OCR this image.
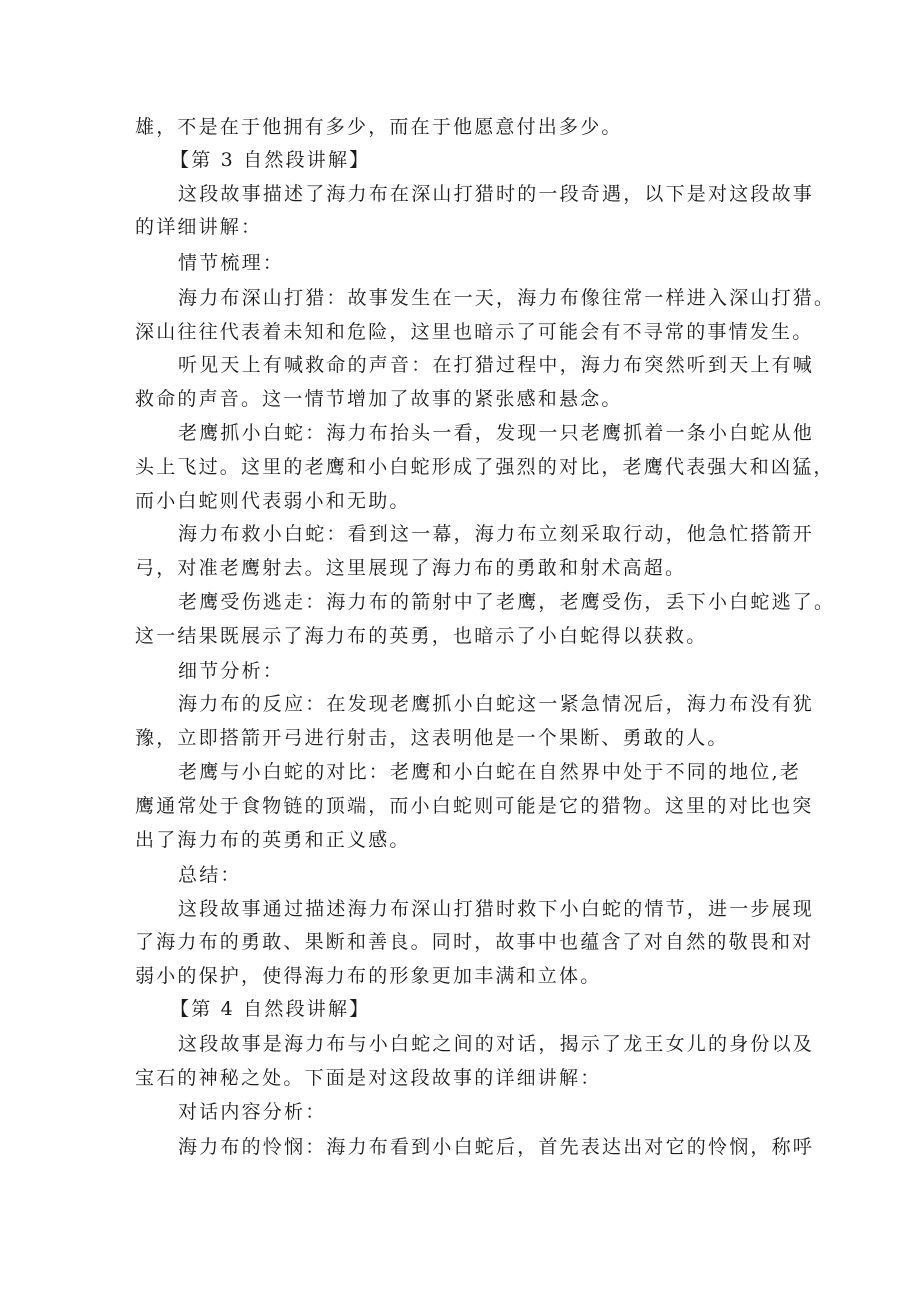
雄，不是在于他拥有多少，而在于他愿意付出多少。
【第 3 自然段讲解】
这段故事描述了海力布在深山打猎时的一段奇遇，以下是对这段故事
的详细讲解：
情节梳理：
海力布深山打猎：故事发生在一天，海力布像往常一样进入深山打猎。
深山往往代表着未知和危险，这里也暗示了可能会有不寻常的事情发生。
听见天上有喊救命的声音：在打猎过程中，海力布突然听到天上有喊
救命的声音。这一情节增加了故事的紧张感和悬念。
老鹰抓小白蛇：海力布抬头一看，发现一只老鹰抓着一条小白蛇从他
头上飞过。这里的老鹰和小白蛇形成了强烈的对比，老鹰代表强大和凶猛，
而小白蛇则代表弱小和无助。
海力布救小白蛇：看到这一幕，海力布立刻采取行动，他急忙搭箭开
弓，对准老鹰射去。这里展现了海力布的勇敢和射术高超。
老鹰受伤逃走：海力布的箭射中了老鹰，老鹰受伤，丢下小白蛇逃了。
这一结果既展示了海力布的英勇，也暗示了小白蛇得以获救。
细节分析：
海力布的反应：在发现老鹰抓小白蛇这一紧急情况后，海力布没有犹
豫，立即搭箭开弓进行射击，这表明他是一个果断、勇敢的人。
老鹰与小白蛇的对比：老鹰和小白蛇在自然界中处于不同的地位,老
鹰通常处于食物链的顶端，而小白蛇则可能是它的猎物。这里的对比也突
出了海力布的英勇和正义感。
总结：
这段故事通过描述海力布深山打猎时救下小白蛇的情节，进一步展现
了海力布的勇敢、果断和善良。同时，故事中也蕴含了对自然的敬畏和对
弱小的保护，使得海力布的形象更加丰满和立体。
【第 4 自然段讲解】
这段故事是海力布与小白蛇之间的对话，揭示了龙王女儿的身份以及
宝石的神秘之处。下面是对这段故事的详细讲解：
对话内容分析：
海力布的怜悯：海力布看到小白蛇后，首先表达出对它的怜悯，称呼
